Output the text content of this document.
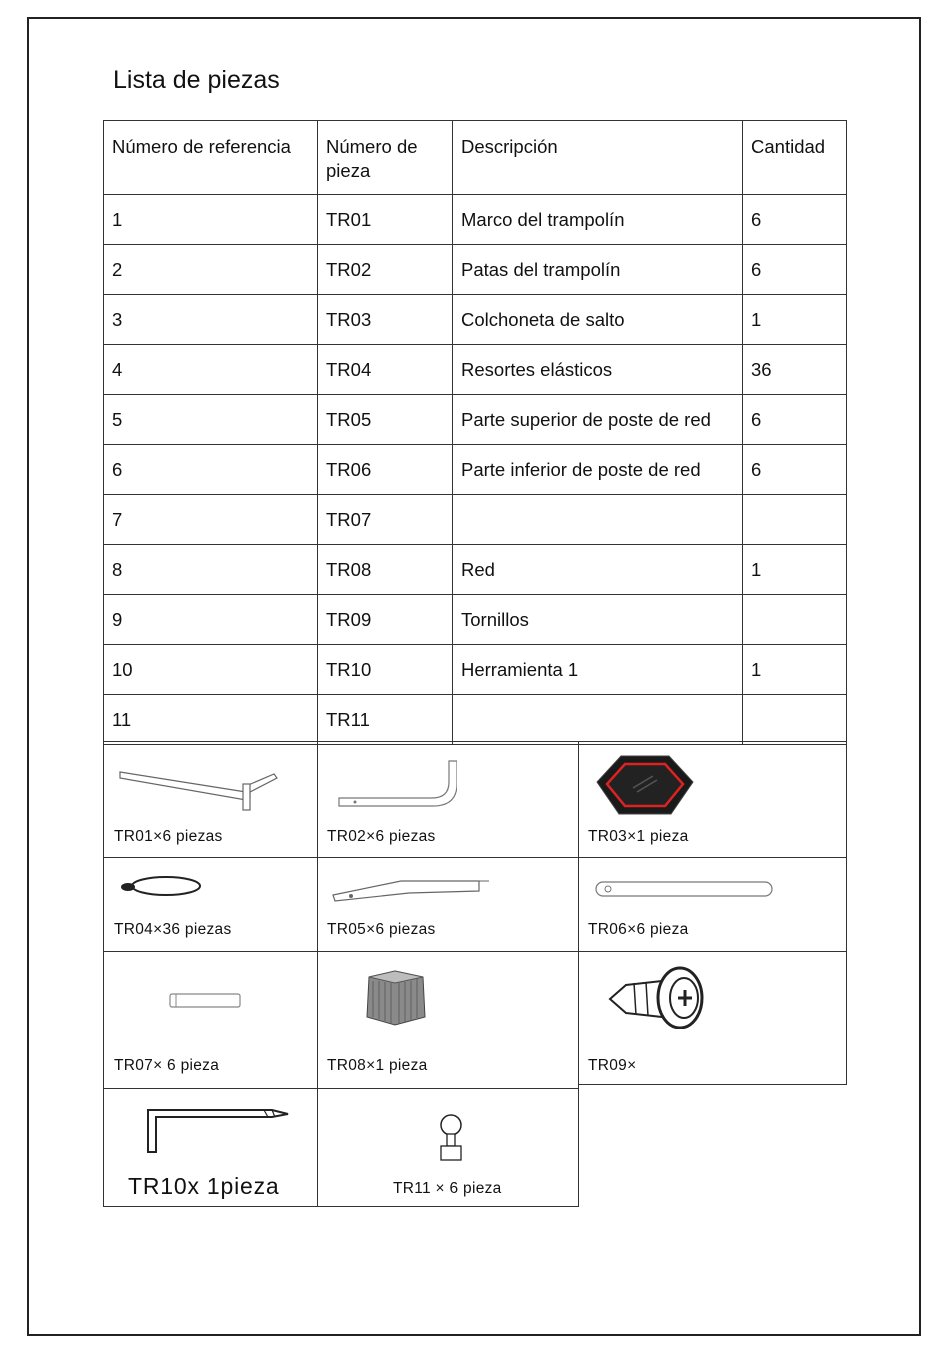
Lista de piezas
Número de referencia	Número de pieza	Descripción	Cantidad
1	TR01	Marco del trampolín	6
2	TR02	Patas del trampolín	6
3	TR03	Colchoneta de salto	1
4	TR04	Resortes elásticos	36
5	TR05	Parte superior de poste de red	6
6	TR06	Parte inferior de poste de red	6
7	TR07		
8	TR08	Red	1
9	TR09	Tornillos	
10	TR10	Herramienta 1	1
11	TR11		
TR01×6 piezas	TR02×6 piezas	TR03×1 pieza
TR04×36 piezas	TR05×6 piezas	TR06×6 pieza
TR07× 6 pieza	TR08×1 pieza	TR09×
TR10x 1pieza	TR11 × 6 pieza
